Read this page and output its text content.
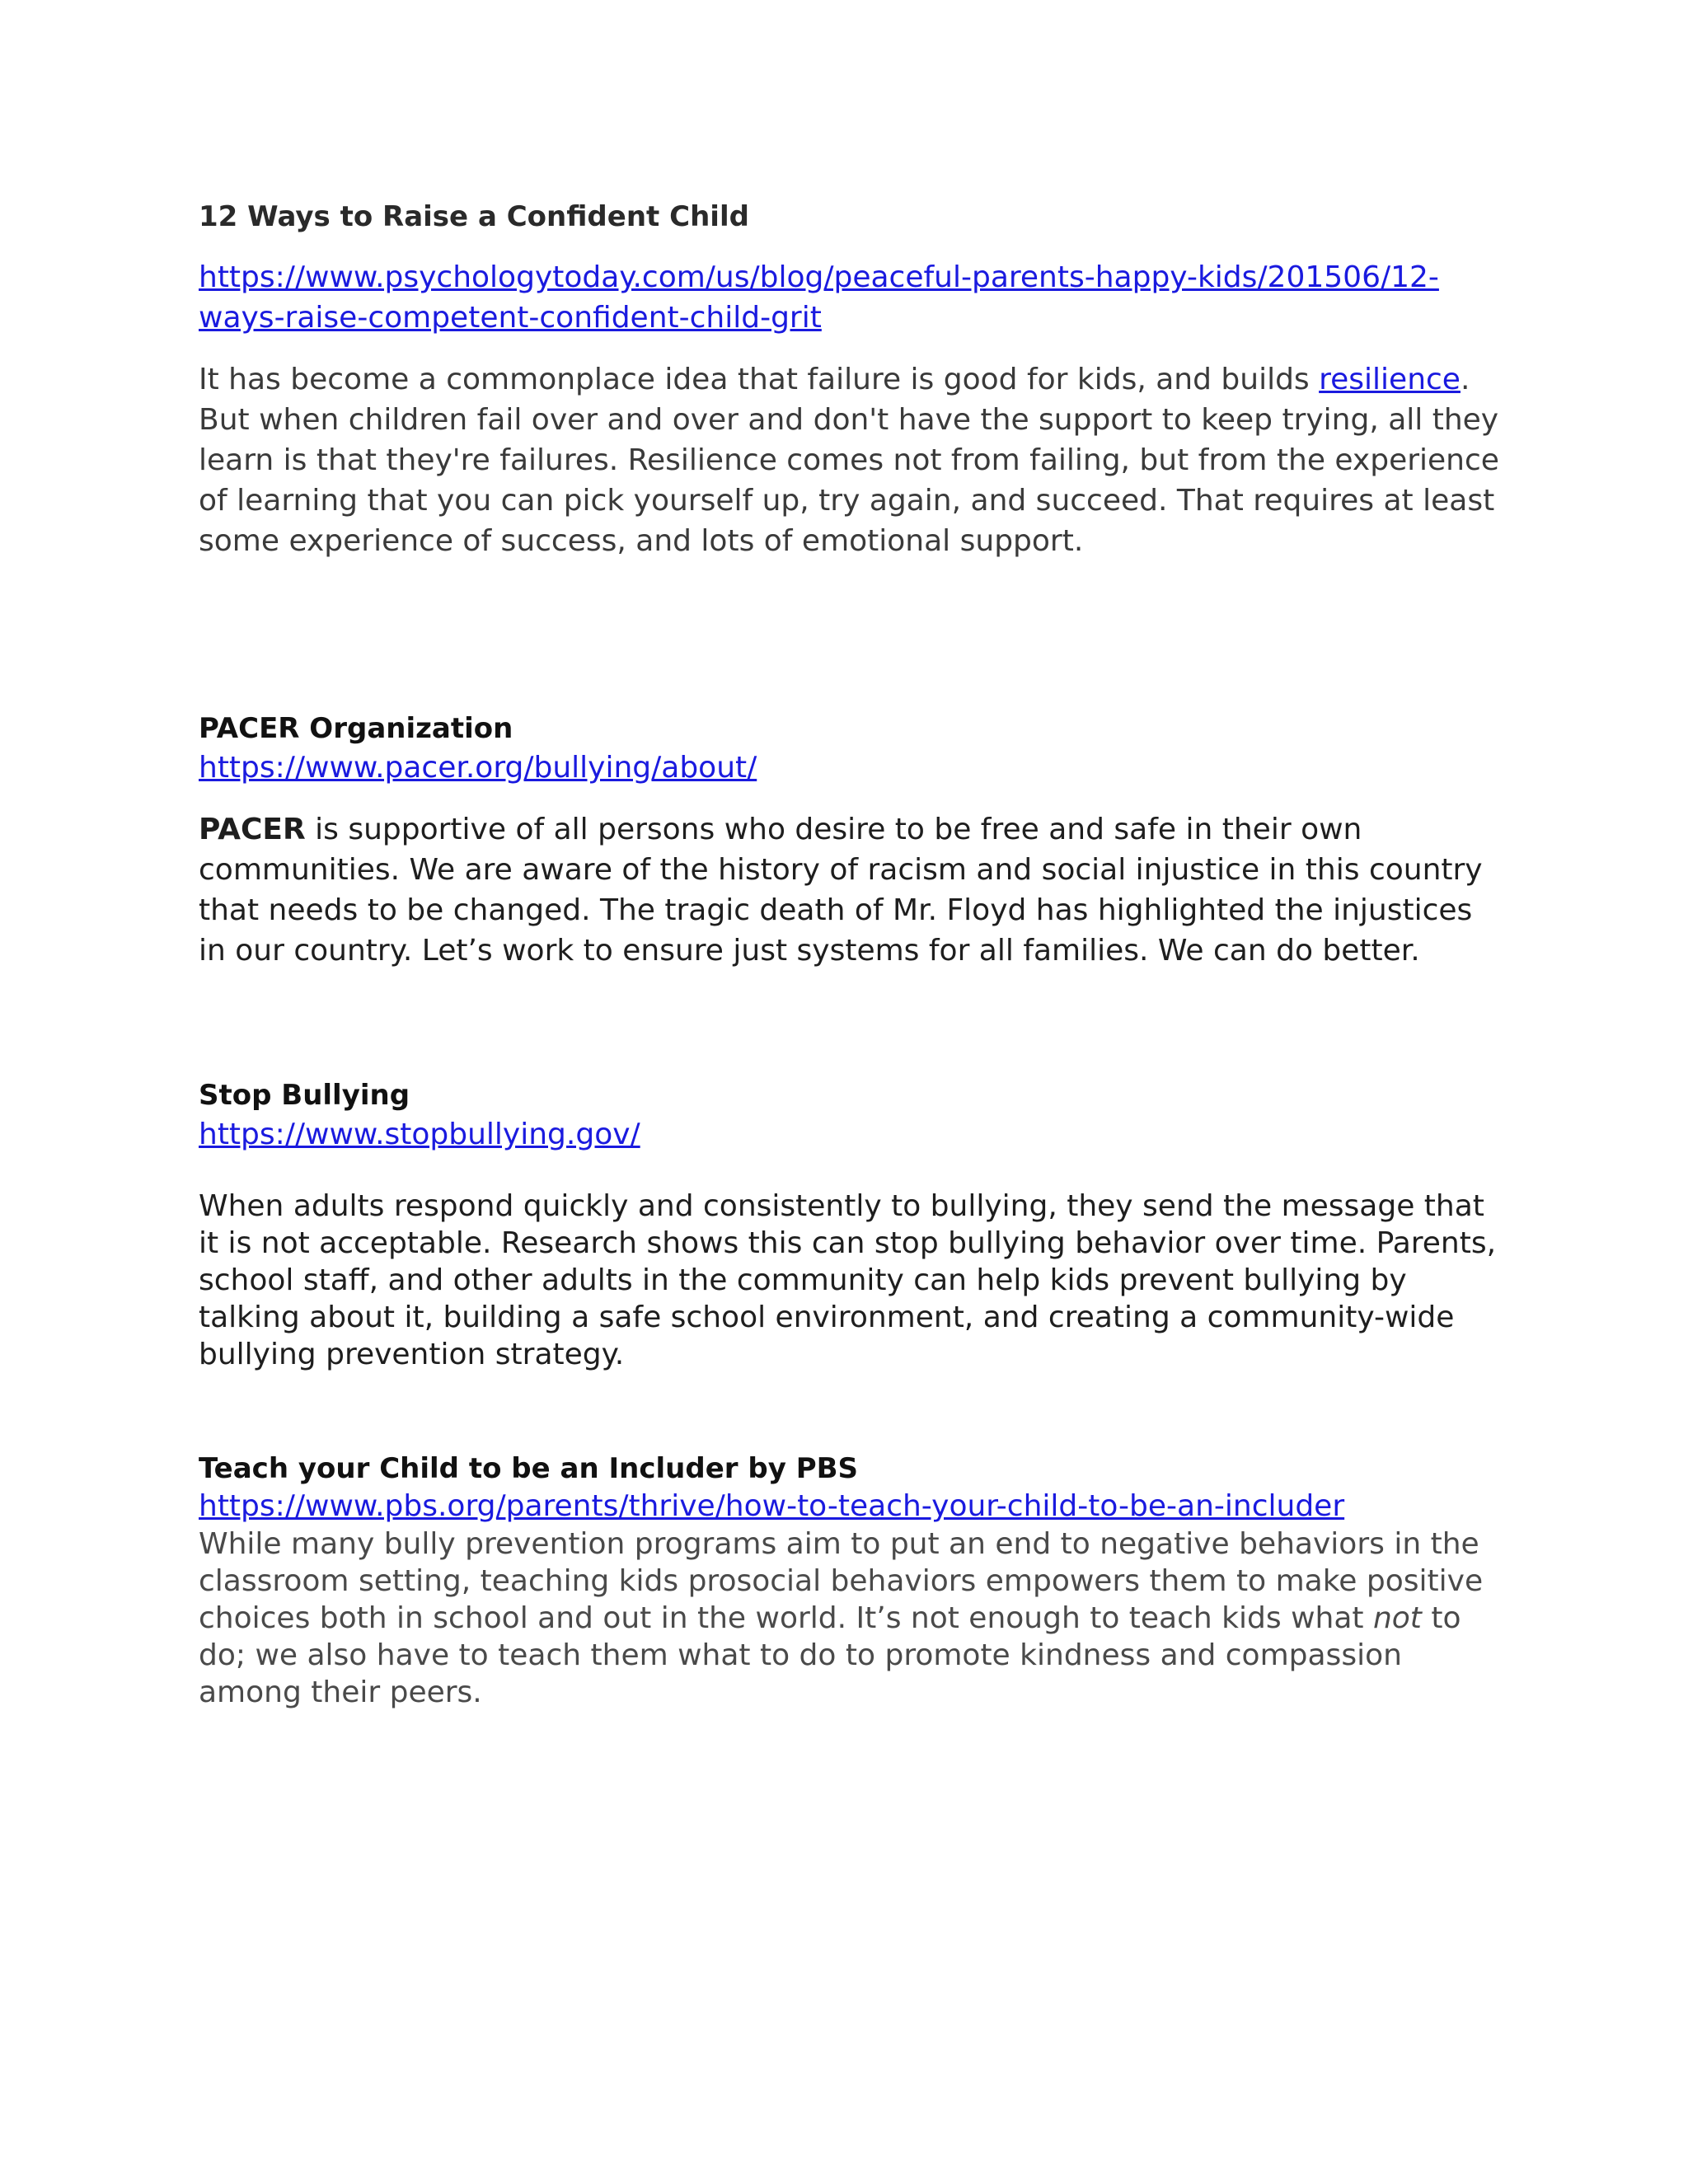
12 Ways to Raise a Confident Child

https://www.psychologytoday.com/us/blog/peaceful-parents-happy-kids/201506/12-
ways-raise-competent-confident-child-grit

It has become a commonplace idea that failure is good for kids, and builds resilience. But when children fail over and over and don't have the support to keep trying, all they learn is that they're failures. Resilience comes not from failing, but from the experience of learning that you can pick yourself up, try again, and succeed. That requires at least some experience of success, and lots of emotional support.

PACER Organization

https://www.pacer.org/bullying/about/

PACER is supportive of all persons who desire to be free and safe in their own communities. We are aware of the history of racism and social injustice in this country that needs to be changed. The tragic death of Mr. Floyd has highlighted the injustices in our country. Let’s work to ensure just systems for all families. We can do better.

Stop Bullying

https://www.stopbullying.gov/

When adults respond quickly and consistently to bullying, they send the message that it is not acceptable. Research shows this can stop bullying behavior over time. Parents, school staff, and other adults in the community can help kids prevent bullying by talking about it, building a safe school environment, and creating a community-wide bullying prevention strategy.

Teach your Child to be an Includer by PBS

https://www.pbs.org/parents/thrive/how-to-teach-your-child-to-be-an-includer

While many bully prevention programs aim to put an end to negative behaviors in the classroom setting, teaching kids prosocial behaviors empowers them to make positive choices both in school and out in the world. It’s not enough to teach kids what not to do; we also have to teach them what to do to promote kindness and compassion among their peers.
